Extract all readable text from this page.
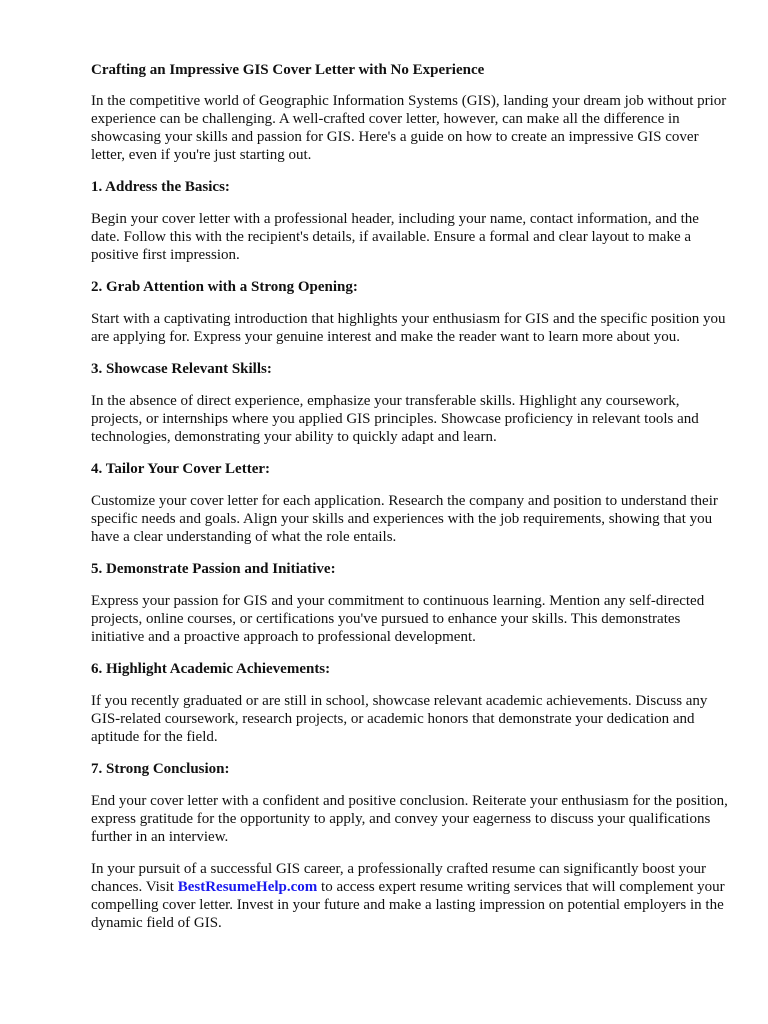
Crafting an Impressive GIS Cover Letter with No Experience

In the competitive world of Geographic Information Systems (GIS), landing your dream job without prior experience can be challenging. A well-crafted cover letter, however, can make all the difference in showcasing your skills and passion for GIS. Here's a guide on how to create an impressive GIS cover letter, even if you're just starting out.

1. Address the Basics:

Begin your cover letter with a professional header, including your name, contact information, and the date. Follow this with the recipient's details, if available. Ensure a formal and clear layout to make a positive first impression.

2. Grab Attention with a Strong Opening:

Start with a captivating introduction that highlights your enthusiasm for GIS and the specific position you are applying for. Express your genuine interest and make the reader want to learn more about you.

3. Showcase Relevant Skills:

In the absence of direct experience, emphasize your transferable skills. Highlight any coursework, projects, or internships where you applied GIS principles. Showcase proficiency in relevant tools and technologies, demonstrating your ability to quickly adapt and learn.

4. Tailor Your Cover Letter:

Customize your cover letter for each application. Research the company and position to understand their specific needs and goals. Align your skills and experiences with the job requirements, showing that you have a clear understanding of what the role entails.

5. Demonstrate Passion and Initiative:

Express your passion for GIS and your commitment to continuous learning. Mention any self-directed projects, online courses, or certifications you've pursued to enhance your skills. This demonstrates initiative and a proactive approach to professional development.

6. Highlight Academic Achievements:

If you recently graduated or are still in school, showcase relevant academic achievements. Discuss any GIS-related coursework, research projects, or academic honors that demonstrate your dedication and aptitude for the field.

7. Strong Conclusion:

End your cover letter with a confident and positive conclusion. Reiterate your enthusiasm for the position, express gratitude for the opportunity to apply, and convey your eagerness to discuss your qualifications further in an interview.

In your pursuit of a successful GIS career, a professionally crafted resume can significantly boost your chances. Visit BestResumeHelp.com to access expert resume writing services that will complement your compelling cover letter. Invest in your future and make a lasting impression on potential employers in the dynamic field of GIS.
